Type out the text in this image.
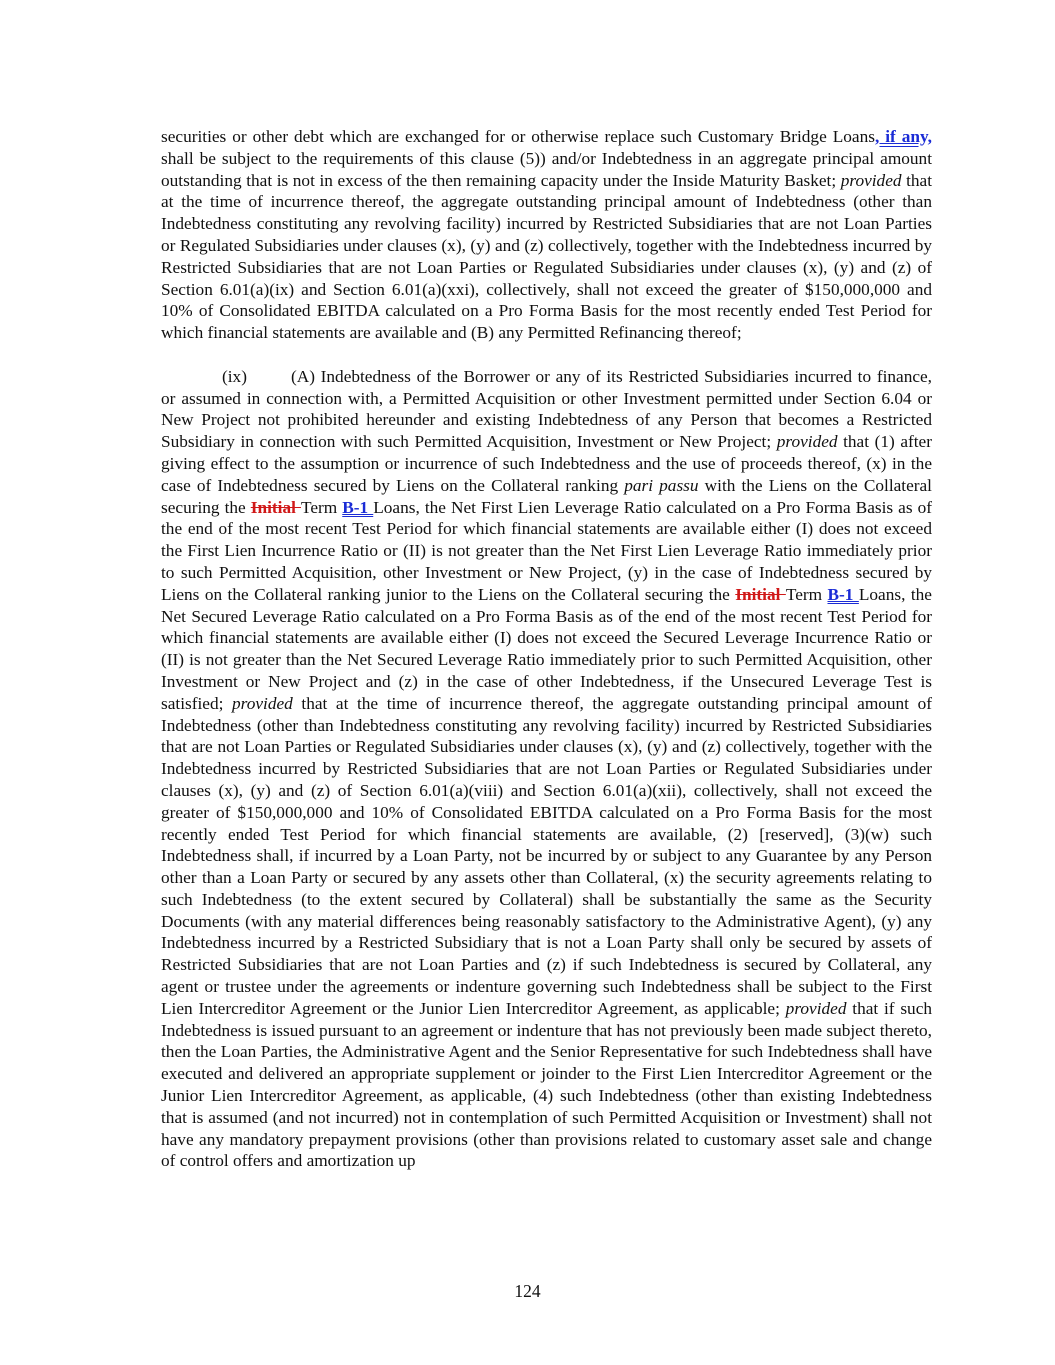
securities or other debt which are exchanged for or otherwise replace such Customary Bridge Loans, if any, shall be subject to the requirements of this clause (5)) and/or Indebtedness in an aggregate principal amount outstanding that is not in excess of the then remaining capacity under the Inside Maturity Basket; provided that at the time of incurrence thereof, the aggregate outstanding principal amount of Indebtedness (other than Indebtedness constituting any revolving facility) incurred by Restricted Subsidiaries that are not Loan Parties or Regulated Subsidiaries under clauses (x), (y) and (z) collectively, together with the Indebtedness incurred by Restricted Subsidiaries that are not Loan Parties or Regulated Subsidiaries under clauses (x), (y) and (z) of Section 6.01(a)(ix) and Section 6.01(a)(xxi), collectively, shall not exceed the greater of $150,000,000 and 10% of Consolidated EBITDA calculated on a Pro Forma Basis for the most recently ended Test Period for which financial statements are available and (B) any Permitted Refinancing thereof;

(ix)	(A) Indebtedness of the Borrower or any of its Restricted Subsidiaries incurred to finance, or assumed in connection with, a Permitted Acquisition or other Investment permitted under Section 6.04 or New Project not prohibited hereunder and existing Indebtedness of any Person that becomes a Restricted Subsidiary in connection with such Permitted Acquisition, Investment or New Project; provided that (1) after giving effect to the assumption or incurrence of such Indebtedness and the use of proceeds thereof, (x) in the case of Indebtedness secured by Liens on the Collateral ranking pari passu with the Liens on the Collateral securing the Initial Term B-1 Loans, the Net First Lien Leverage Ratio calculated on a Pro Forma Basis as of the end of the most recent Test Period for which financial statements are available either (I) does not exceed the First Lien Incurrence Ratio or (II) is not greater than the Net First Lien Leverage Ratio immediately prior to such Permitted Acquisition, other Investment or New Project, (y) in the case of Indebtedness secured by Liens on the Collateral ranking junior to the Liens on the Collateral securing the Initial Term B-1 Loans, the Net Secured Leverage Ratio calculated on a Pro Forma Basis as of the end of the most recent Test Period for which financial statements are available either (I) does not exceed the Secured Leverage Incurrence Ratio or (II) is not greater than the Net Secured Leverage Ratio immediately prior to such Permitted Acquisition, other Investment or New Project and (z) in the case of other Indebtedness, if the Unsecured Leverage Test is satisfied; provided that at the time of incurrence thereof, the aggregate outstanding principal amount of Indebtedness (other than Indebtedness constituting any revolving facility) incurred by Restricted Subsidiaries that are not Loan Parties or Regulated Subsidiaries under clauses (x), (y) and (z) collectively, together with the Indebtedness incurred by Restricted Subsidiaries that are not Loan Parties or Regulated Subsidiaries under clauses (x), (y) and (z) of Section 6.01(a)(viii) and Section 6.01(a)(xii), collectively, shall not exceed the greater of $150,000,000 and 10% of Consolidated EBITDA calculated on a Pro Forma Basis for the most recently ended Test Period for which financial statements are available, (2) [reserved], (3)(w) such Indebtedness shall, if incurred by a Loan Party, not be incurred by or subject to any Guarantee by any Person other than a Loan Party or secured by any assets other than Collateral, (x) the security agreements relating to such Indebtedness (to the extent secured by Collateral) shall be substantially the same as the Security Documents (with any material differences being reasonably satisfactory to the Administrative Agent), (y) any Indebtedness incurred by a Restricted Subsidiary that is not a Loan Party shall only be secured by assets of Restricted Subsidiaries that are not Loan Parties and (z) if such Indebtedness is secured by Collateral, any agent or trustee under the agreements or indenture governing such Indebtedness shall be subject to the First Lien Intercreditor Agreement or the Junior Lien Intercreditor Agreement, as applicable; provided that if such Indebtedness is issued pursuant to an agreement or indenture that has not previously been made subject thereto, then the Loan Parties, the Administrative Agent and the Senior Representative for such Indebtedness shall have executed and delivered an appropriate supplement or joinder to the First Lien Intercreditor Agreement or the Junior Lien Intercreditor Agreement, as applicable, (4) such Indebtedness (other than existing Indebtedness that is assumed (and not incurred) not in contemplation of such Permitted Acquisition or Investment) shall not have any mandatory prepayment provisions (other than provisions related to customary asset sale and change of control offers and amortization up

124
